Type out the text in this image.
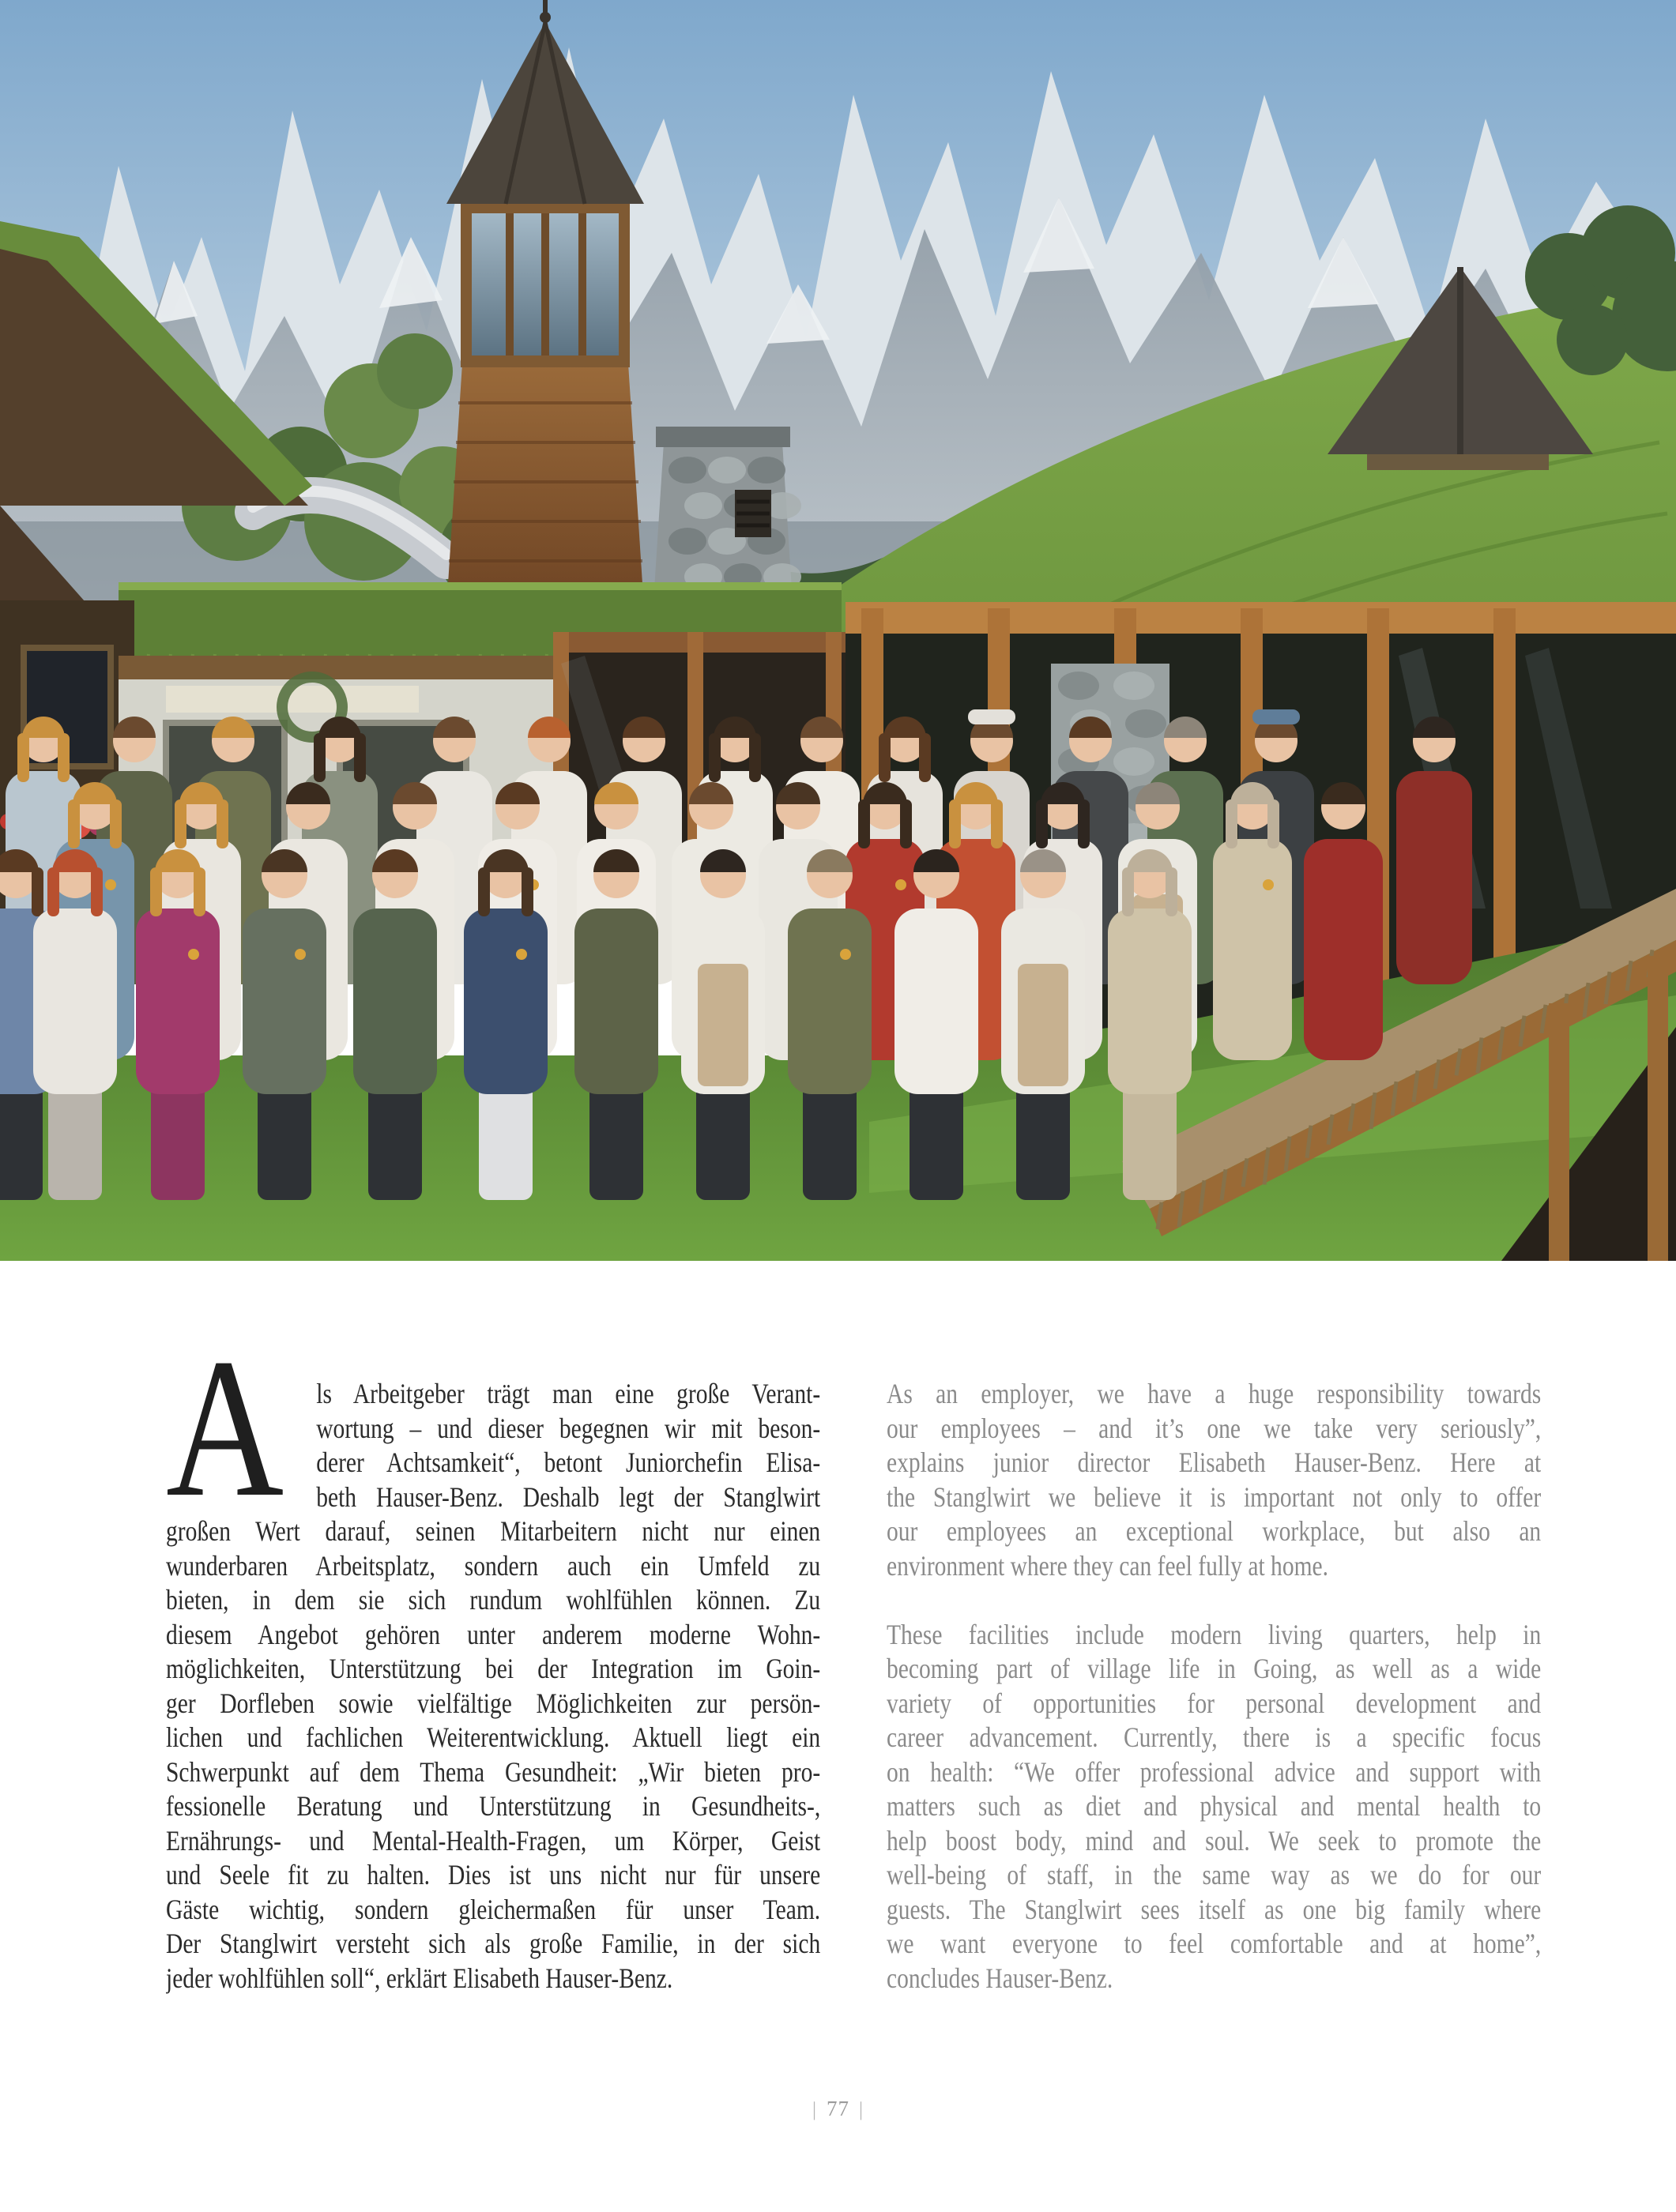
A	ls Arbeitgeber trägt man eine große Verant-
wortung – und dieser begegnen wir mit beson-
derer Achtsamkeit“, betont Juniorchefin Elisa-
beth Hauser-Benz. Deshalb legt der Stanglwirt
großen Wert darauf, seinen Mitarbeitern nicht nur einen
wunderbaren Arbeitsplatz, sondern auch ein Umfeld zu
bieten, in dem sie sich rundum wohlfühlen können. Zu
diesem Angebot gehören unter anderem moderne Wohn-
möglichkeiten, Unterstützung bei der Integration im Goin-
ger Dorfleben sowie vielfältige Möglichkeiten zur persön-
lichen und fachlichen Weiterentwicklung. Aktuell liegt ein
Schwerpunkt auf dem Thema Gesundheit: „Wir bieten pro-
fessionelle Beratung und Unterstützung in Gesundheits-,
Ernährungs- und Mental-Health-Fragen, um Körper, Geist
und Seele fit zu halten. Dies ist uns nicht nur für unsere
Gäste wichtig, sondern gleichermaßen für unser Team.
Der Stanglwirt versteht sich als große Familie, in der sich
jeder wohlfühlen soll“, erklärt Elisabeth Hauser-Benz.
As an employer, we have a huge responsibility towards
our employees – and it’s one we take very seriously”,
explains junior director Elisabeth Hauser-Benz. Here at
the Stanglwirt we believe it is important not only to offer
our employees an exceptional workplace, but also an
environment where they can feel fully at home.
These facilities include modern living quarters, help in
becoming part of village life in Going, as well as a wide
variety of opportunities for personal development and
career advancement. Currently, there is a specific focus
on health: “We offer professional advice and support with
matters such as diet and physical and mental health to
help boost body, mind and soul. We seek to promote the
well-being of staff, in the same way as we do for our
guests. The Stanglwirt sees itself as one big family where
we want everyone to feel comfortable and at home”,
concludes Hauser-Benz.
| 77 |
